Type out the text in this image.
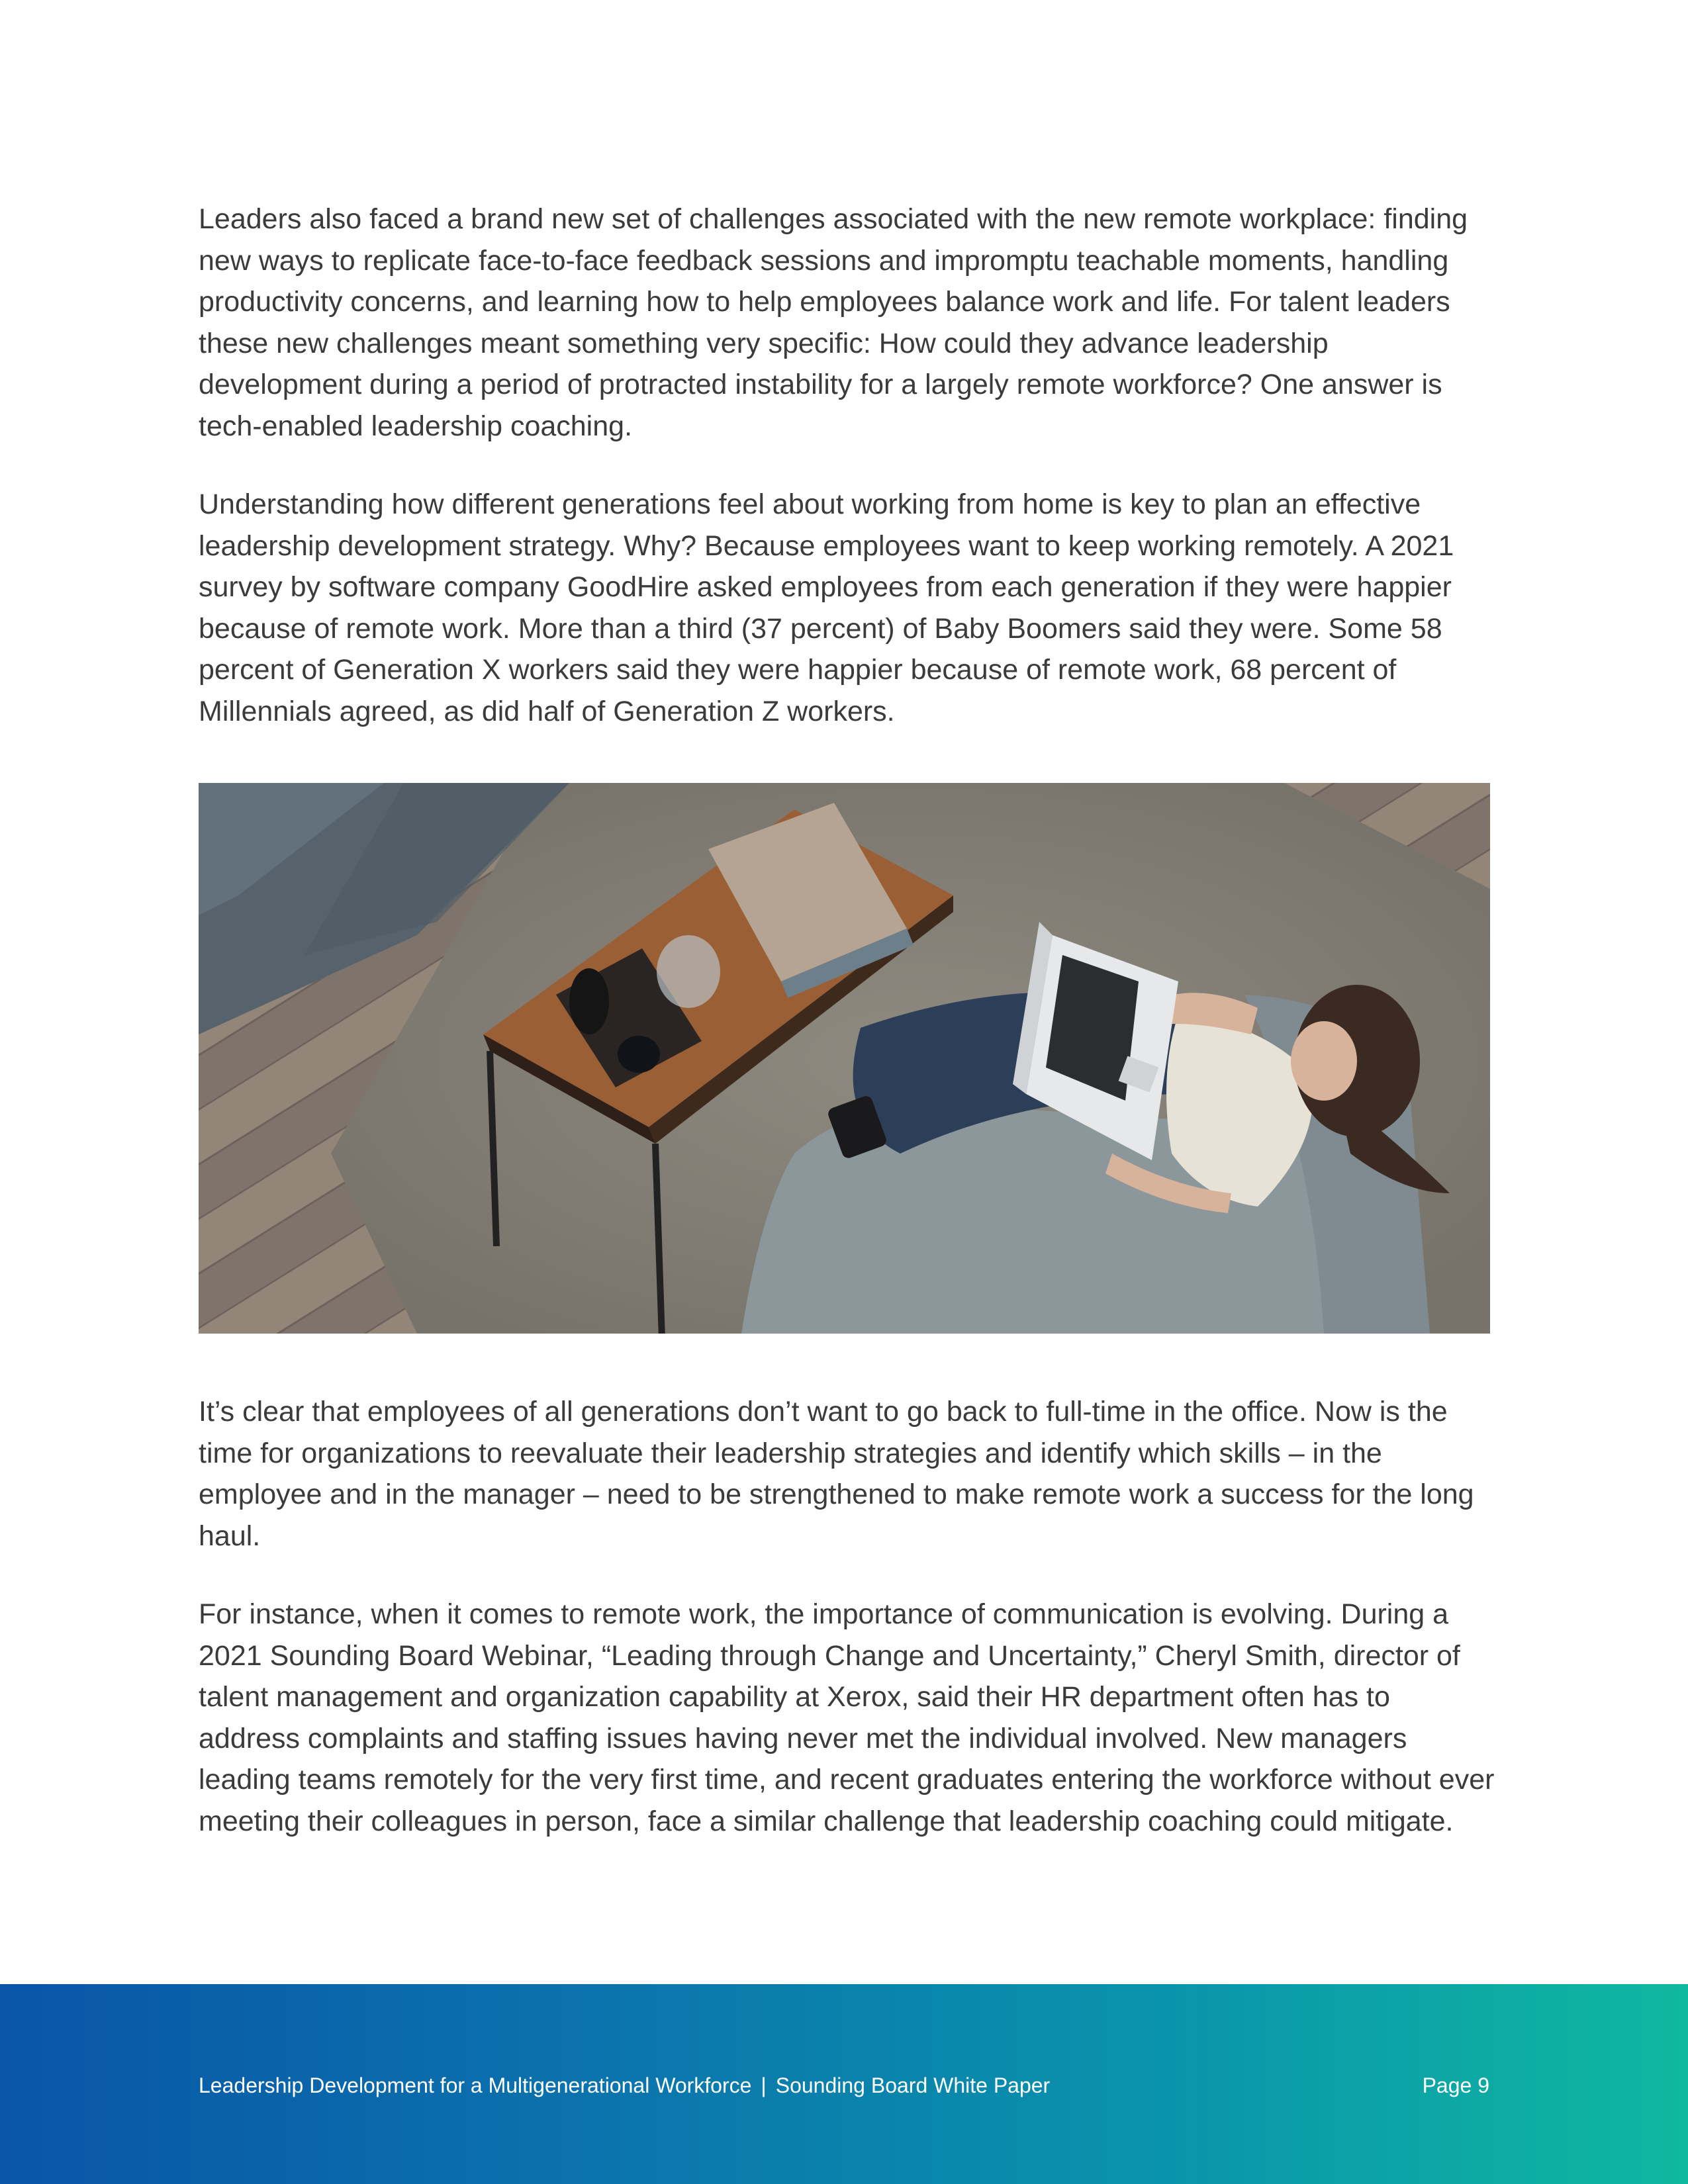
Leaders also faced a brand new set of challenges associated with the new remote workplace: finding new ways to replicate face-to-face feedback sessions and impromptu teachable moments, handling productivity concerns, and learning how to help employees balance work and life. For talent leaders these new challenges meant something very specific: How could they advance leadership development during a period of protracted instability for a largely remote workforce? One answer is tech-enabled leadership coaching.

Understanding how different generations feel about working from home is key to plan an effective leadership development strategy. Why? Because employees want to keep working remotely. A 2021 survey by software company GoodHire asked employees from each generation if they were happier because of remote work. More than a third (37 percent) of Baby Boomers said they were. Some 58 percent of Generation X workers said they were happier because of remote work, 68 percent of Millennials agreed, as did half of Generation Z workers.

It’s clear that employees of all generations don’t want to go back to full-time in the office. Now is the time for organizations to reevaluate their leadership strategies and identify which skills – in the employee and in the manager – need to be strengthened to make remote work a success for the long haul.

For instance, when it comes to remote work, the importance of communication is evolving. During a 2021 Sounding Board Webinar, “Leading through Change and Uncertainty,” Cheryl Smith, director of talent management and organization capability at Xerox, said their HR department often has to address complaints and staffing issues having never met the individual involved. New managers leading teams remotely for the very first time, and recent graduates entering the workforce without ever meeting their colleagues in person, face a similar challenge that leadership coaching could mitigate.

Leadership Development for a Multigenerational Workforce | Sounding Board White Paper	Page 9
